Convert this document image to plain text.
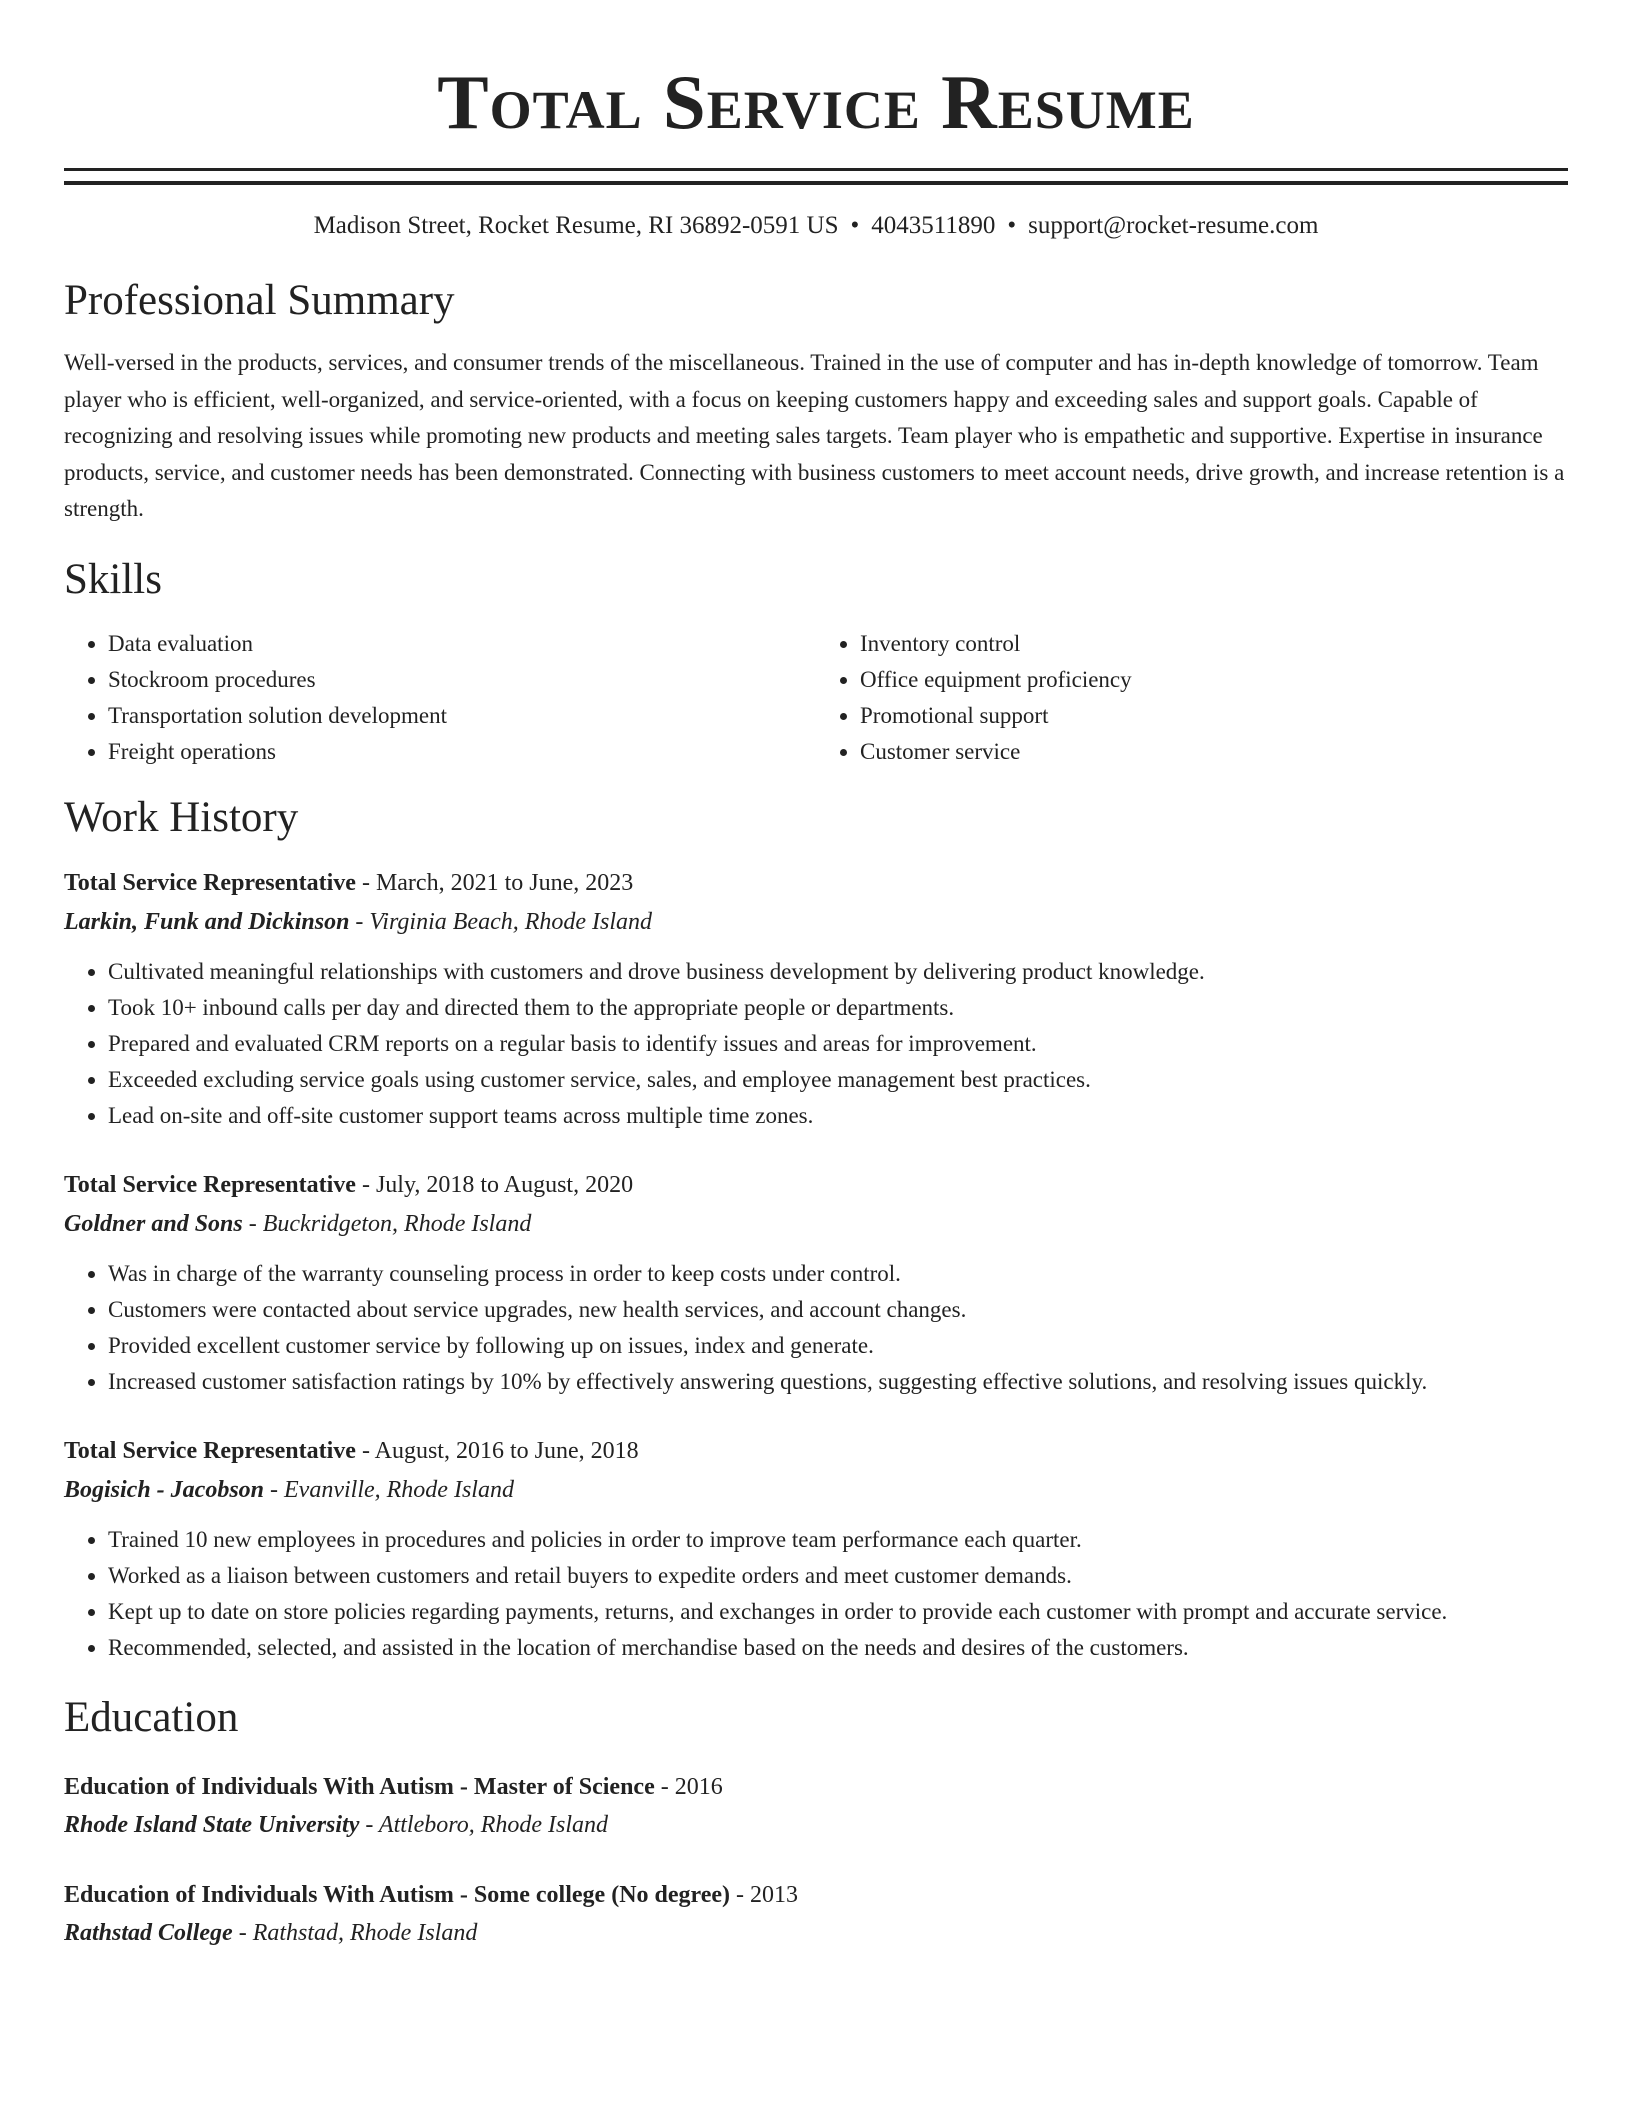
Total Service Resume
Madison Street, Rocket Resume, RI 36892-0591 US • 4043511890 • support@rocket-resume.com
Professional Summary

Well-versed in the products, services, and consumer trends of the miscellaneous. Trained in the use of computer and has in-depth knowledge of tomorrow. Team player who is efficient, well-organized, and service-oriented, with a focus on keeping customers happy and exceeding sales and support goals. Capable of recognizing and resolving issues while promoting new products and meeting sales targets. Team player who is empathetic and supportive. Expertise in insurance products, service, and customer needs has been demonstrated. Connecting with business customers to meet account needs, drive growth, and increase retention is a strength.

Skills
• Data evaluation
• Stockroom procedures
• Transportation solution development
• Freight operations
• Inventory control
• Office equipment proficiency
• Promotional support
• Customer service
Work History
Total Service Representative - March, 2021 to June, 2023
Larkin, Funk and Dickinson - Virginia Beach, Rhode Island
• Cultivated meaningful relationships with customers and drove business development by delivering product knowledge.
• Took 10+ inbound calls per day and directed them to the appropriate people or departments.
• Prepared and evaluated CRM reports on a regular basis to identify issues and areas for improvement.
• Exceeded excluding service goals using customer service, sales, and employee management best practices.
• Lead on-site and off-site customer support teams across multiple time zones.
Total Service Representative - July, 2018 to August, 2020
Goldner and Sons - Buckridgeton, Rhode Island
• Was in charge of the warranty counseling process in order to keep costs under control.
• Customers were contacted about service upgrades, new health services, and account changes.
• Provided excellent customer service by following up on issues, index and generate.
• Increased customer satisfaction ratings by 10% by effectively answering questions, suggesting effective solutions, and resolving issues quickly.
Total Service Representative - August, 2016 to June, 2018
Bogisich - Jacobson - Evanville, Rhode Island
• Trained 10 new employees in procedures and policies in order to improve team performance each quarter.
• Worked as a liaison between customers and retail buyers to expedite orders and meet customer demands.
• Kept up to date on store policies regarding payments, returns, and exchanges in order to provide each customer with prompt and accurate service.
• Recommended, selected, and assisted in the location of merchandise based on the needs and desires of the customers.
Education
Education of Individuals With Autism - Master of Science - 2016
Rhode Island State University - Attleboro, Rhode Island
Education of Individuals With Autism - Some college (No degree) - 2013
Rathstad College - Rathstad, Rhode Island
